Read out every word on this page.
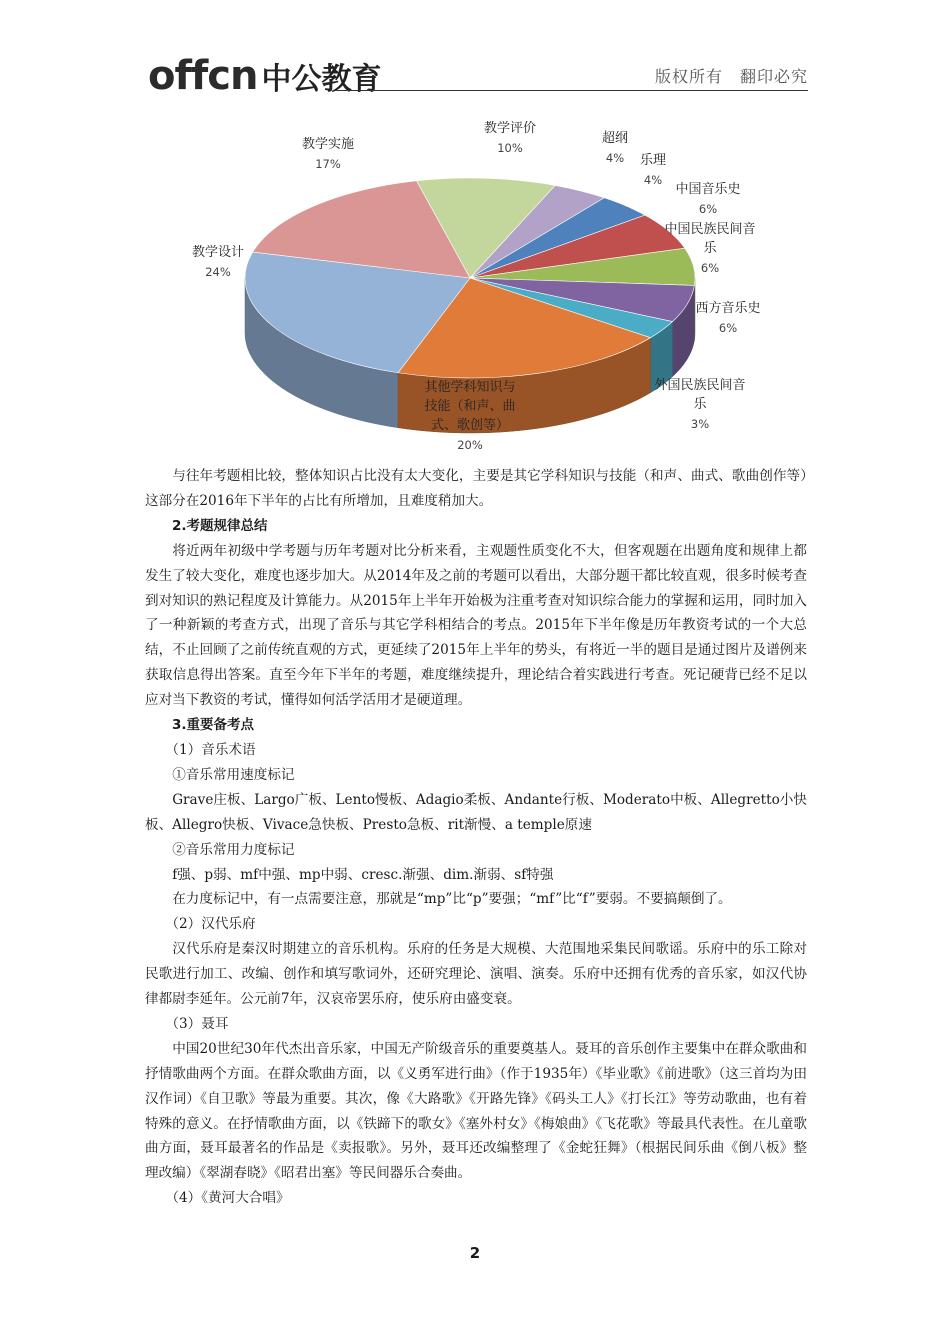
offcn 中公教育	版权所有　翻印必究
教学评价
10%
超纲
4% 乐理
4%
中国音乐史
6%
中国民族民间音
乐
6%
西方音乐史
6%
外国民族民间音
乐
3%
其他学科知识与
技能（和声、曲
式、歌创等）
20%
教学设计
24%
教学实施
17%

与往年考题相比较，整体知识占比没有太大变化，主要是其它学科知识与技能（和声、曲式、歌曲创作等）这部分在2016年下半年的占比有所增加，且难度稍加大。

2.考题规律总结

将近两年初级中学考题与历年考题对比分析来看，主观题性质变化不大，但客观题在出题角度和规律上都发生了较大变化，难度也逐步加大。从2014年及之前的考题可以看出，大部分题干都比较直观，很多时候考查到对知识的熟记程度及计算能力。从2015年上半年开始极为注重考查对知识综合能力的掌握和运用，同时加入了一种新颖的考查方式，出现了音乐与其它学科相结合的考点。2015年下半年像是历年教资考试的一个大总结，不止回顾了之前传统直观的方式，更延续了2015年上半年的势头，有将近一半的题目是通过图片及谱例来获取信息得出答案。直至今年下半年的考题，难度继续提升，理论结合着实践进行考查。死记硬背已经不足以应对当下教资的考试，懂得如何活学活用才是硬道理。

3.重要备考点

（1）音乐术语

①音乐常用速度标记

Grave庄板、Largo广板、Lento慢板、Adagio柔板、Andante行板、Moderato中板、Allegretto小快板、Allegro快板、Vivace急快板、Presto急板、rit渐慢、a temple原速

②音乐常用力度标记

f强、p弱、mf中强、mp中弱、cresc.渐强、dim.渐弱、sf特强

在力度标记中，有一点需要注意，那就是“mp”比“p”要强；“mf”比“f”要弱。不要搞颠倒了。

（2）汉代乐府

汉代乐府是秦汉时期建立的音乐机构。乐府的任务是大规模、大范围地采集民间歌谣。乐府中的乐工除对民歌进行加工、改编、创作和填写歌词外，还研究理论、演唱、演奏。乐府中还拥有优秀的音乐家，如汉代协律都尉李延年。公元前7年，汉哀帝罢乐府，使乐府由盛变衰。

（3）聂耳

中国20世纪30年代杰出音乐家，中国无产阶级音乐的重要奠基人。聂耳的音乐创作主要集中在群众歌曲和抒情歌曲两个方面。在群众歌曲方面，以《义勇军进行曲》（作于1935年）《毕业歌》《前进歌》（这三首均为田汉作词）《自卫歌》等最为重要。其次，像《大路歌》《开路先锋》《码头工人》《打长江》等劳动歌曲，也有着特殊的意义。在抒情歌曲方面，以《铁蹄下的歌女》《塞外村女》《梅娘曲》《飞花歌》等最具代表性。在儿童歌曲方面，聂耳最著名的作品是《卖报歌》。另外，聂耳还改编整理了《金蛇狂舞》（根据民间乐曲《倒八板》整理改编）《翠湖春晓》《昭君出塞》等民间器乐合奏曲。

（4）《黄河大合唱》

2
